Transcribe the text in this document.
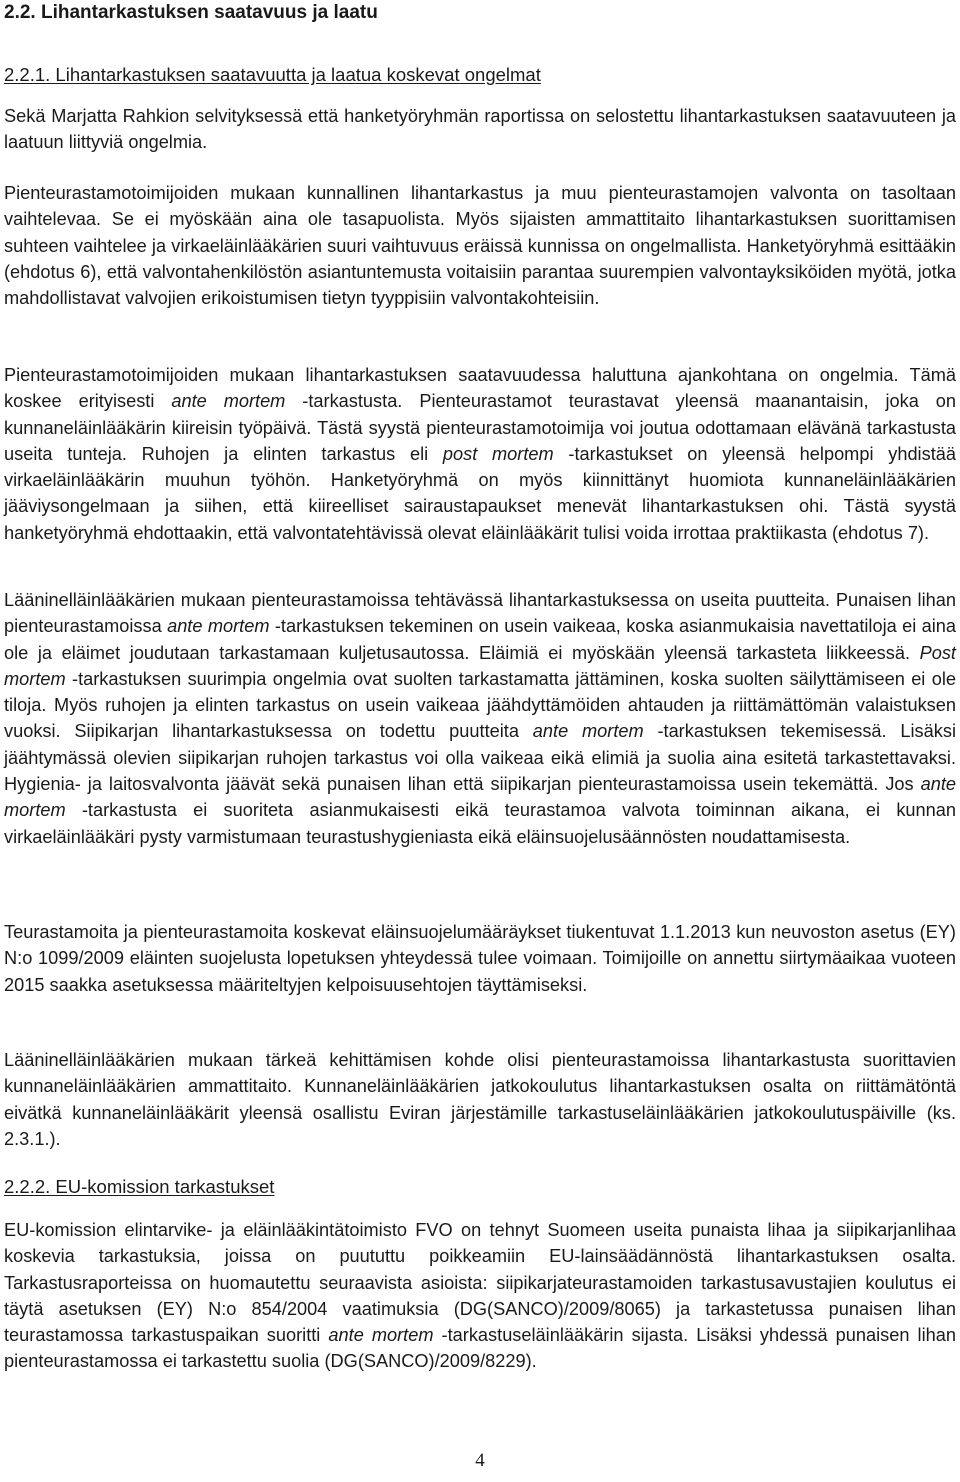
2.2. Lihantarkastuksen saatavuus ja laatu
2.2.1. Lihantarkastuksen saatavuutta ja laatua koskevat ongelmat
Sekä Marjatta Rahkion selvityksessä että hanketyöryhmän raportissa on selostettu lihantarkastuksen saatavuuteen ja laatuun liittyviä ongelmia.
Pienteurastamotoimijoiden mukaan kunnallinen lihantarkastus ja muu pienteurastamojen valvonta on tasoltaan vaihtelevaa. Se ei myöskään aina ole tasapuolista. Myös sijaisten ammattitaito lihantarkastuksen suorittamisen suhteen vaihtelee ja virkaeläinlääkärien suuri vaihtuvuus eräissä kunnissa on ongelmallista. Hanketyöryhmä esittääkin (ehdotus 6), että valvontahenkilöstön asiantuntemusta voitaisiin parantaa suurempien valvontayksiköiden myötä, jotka mahdollistavat valvojien erikoistumisen tietyn tyyppisiin valvontakohteisiin.
Pienteurastamotoimijoiden mukaan lihantarkastuksen saatavuudessa haluttuna ajankohtana on ongelmia. Tämä koskee erityisesti ante mortem -tarkastusta. Pienteurastamot teurastavat yleensä maanantaisin, joka on kunnaneläinlääkärin kiireisin työpäivä. Tästä syystä pienteurastamotoimija voi joutua odottamaan elävänä tarkastusta useita tunteja. Ruhojen ja elinten tarkastus eli post mortem -tarkastukset on yleensä helpompi yhdistää virkaeläinlääkärin muuhun työhön. Hanketyöryhmä on myös kiinnittänyt huomiota kunnaneläinlääkärien jääviysongelmaan ja siihen, että kiireelliset sairaustapaukset menevät lihantarkastuksen ohi. Tästä syystä hanketyöryhmä ehdottaakin, että valvontatehtävissä olevat eläinlääkärit tulisi voida irrottaa praktiikasta (ehdotus 7).
Lääninelläinlääkärien mukaan pienteurastamoissa tehtävässä lihantarkastuksessa on useita puutteita. Punaisen lihan pienteurastamoissa ante mortem -tarkastuksen tekeminen on usein vaikeaa, koska asianmukaisia navettatiloja ei aina ole ja eläimet joudutaan tarkastamaan kuljetusautossa. Eläimiä ei myöskään yleensä tarkasteta liikkeessä. Post mortem -tarkastuksen suurimpia ongelmia ovat suolten tarkastamatta jättäminen, koska suolten säilyttämiseen ei ole tiloja. Myös ruhojen ja elinten tarkastus on usein vaikeaa jäähdyttämöiden ahtauden ja riittämättömän valaistuksen vuoksi. Siipikarjan lihantarkastuksessa on todettu puutteita ante mortem -tarkastuksen tekemisessä. Lisäksi jäähtymässä olevien siipikarjan ruhojen tarkastus voi olla vaikeaa eikä elimiä ja suolia aina esitetä tarkastettavaksi. Hygienia- ja laitosvalvonta jäävät sekä punaisen lihan että siipikarjan pienteurastamoissa usein tekemättä. Jos ante mortem -tarkastusta ei suoriteta asianmukaisesti eikä teurastamoa valvota toiminnan aikana, ei kunnan virkaeläinlääkäri pysty varmistumaan teurastushygieniasta eikä eläinsuojelusäännösten noudattamisesta.
Teurastamoita ja pienteurastamoita koskevat eläinsuojelumääräykset tiukentuvat 1.1.2013 kun neuvoston asetus (EY) N:o 1099/2009 eläinten suojelusta lopetuksen yhteydessä tulee voimaan. Toimijoille on annettu siirtymäaikaa vuoteen 2015 saakka asetuksessa määriteltyjen kelpoisuusehtojen täyttämiseksi.
Lääninelläinlääkärien mukaan tärkeä kehittämisen kohde olisi pienteurastamoissa lihantarkastusta suorittavien kunnaneläinlääkärien ammattitaito. Kunnaneläinlääkärien jatkokoulutus lihantarkastuksen osalta on riittämätöntä eivätkä kunnaneläinlääkärit yleensä osallistu Eviran järjestämille tarkastuseläinlääkärien jatkokoulutuspäiville (ks. 2.3.1.).
2.2.2. EU-komission tarkastukset
EU-komission elintarvike- ja eläinlääkintätoimisto FVO on tehnyt Suomeen useita punaista lihaa ja siipikarjanlihaa koskevia tarkastuksia, joissa on puututtu poikkeamiin EU-lainsäädännöstä lihantarkastuksen osalta. Tarkastusraporteissa on huomautettu seuraavista asioista: siipikarjateurastamoiden tarkastusavustajien koulutus ei täytä asetuksen (EY) N:o 854/2004 vaatimuksia (DG(SANCO)/2009/8065) ja tarkastetussa punaisen lihan teurastamossa tarkastuspaikan suoritti ante mortem -tarkastuseläinlääkärin sijasta. Lisäksi yhdessä punaisen lihan pienteurastamossa ei tarkastettu suolia (DG(SANCO)/2009/8229).
4
